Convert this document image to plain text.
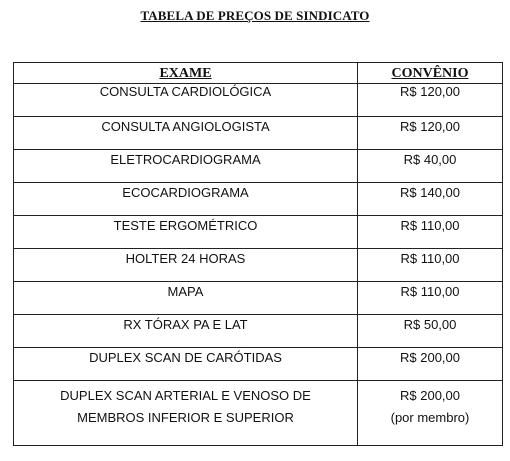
TABELA DE PREÇOS DE SINDICATO
EXAME	CONVÊNIO

CONSULTA CARDIOLÓGICA	R$ 120,00

CONSULTA ANGIOLOGISTA	R$ 120,00

ELETROCARDIOGRAMA	R$ 40,00

ECOCARDIOGRAMA	R$ 140,00

TESTE ERGOMÉTRICO	R$ 110,00

HOLTER 24 HORAS	R$ 110,00

MAPA	R$ 110,00

RX TÓRAX PA E LAT	R$ 50,00

DUPLEX SCAN DE CARÓTIDAS	R$ 200,00

DUPLEX SCAN ARTERIAL E VENOSO DE
MEMBROS INFERIOR E SUPERIOR	R$ 200,00
(por membro)
